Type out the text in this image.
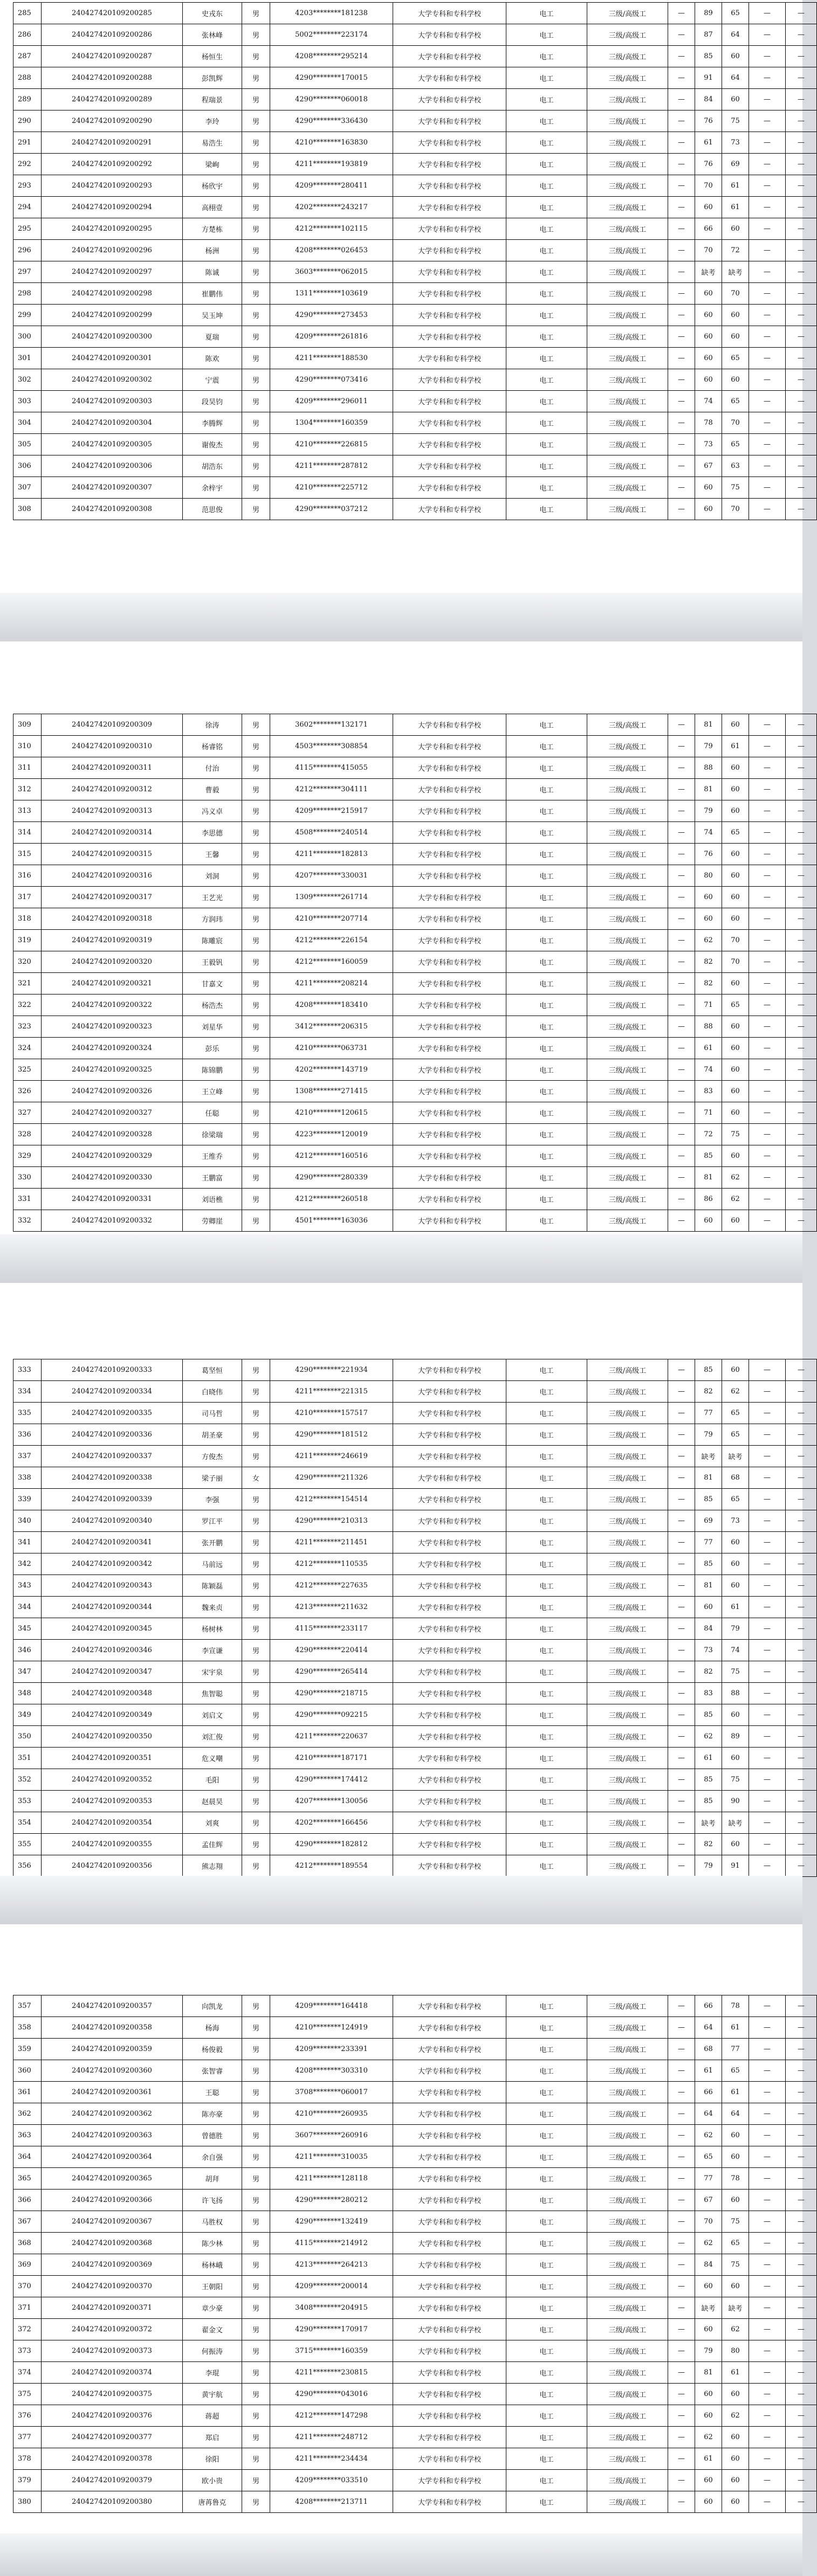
285	240427420109200285	史戎东	男	4203********181238	大学专科和专科学校	电工	三级/高级工	—	89	65	—	—
286	240427420109200286	张林峰	男	5002********223174	大学专科和专科学校	电工	三级/高级工	—	87	64	—	—
287	240427420109200287	杨恒生	男	4208********295214	大学专科和专科学校	电工	三级/高级工	—	85	60	—	—
288	240427420109200288	彭凯辉	男	4290********170015	大学专科和专科学校	电工	三级/高级工	—	91	64	—	—
289	240427420109200289	程瑞景	男	4290********060018	大学专科和专科学校	电工	三级/高级工	—	84	60	—	—
290	240427420109200290	李玲	男	4290********336430	大学专科和专科学校	电工	三级/高级工	—	76	75	—	—
291	240427420109200291	易浩生	男	4210********163830	大学专科和专科学校	电工	三级/高级工	—	61	73	—	—
292	240427420109200292	梁峋	男	4211********193819	大学专科和专科学校	电工	三级/高级工	—	76	69	—	—
293	240427420109200293	杨欣宇	男	4209********280411	大学专科和专科学校	电工	三级/高级工	—	70	61	—	—
294	240427420109200294	高栩壹	男	4202********243217	大学专科和专科学校	电工	三级/高级工	—	60	61	—	—
295	240427420109200295	方楚栋	男	4212********102115	大学专科和专科学校	电工	三级/高级工	—	66	60	—	—
296	240427420109200296	杨洲	男	4208********026453	大学专科和专科学校	电工	三级/高级工	—	70	72	—	—
297	240427420109200297	陈诚	男	3603********062015	大学专科和专科学校	电工	三级/高级工	—	缺考	缺考	—	—
298	240427420109200298	崔鹏伟	男	1311********103619	大学专科和专科学校	电工	三级/高级工	—	60	70	—	—
299	240427420109200299	吴玉坤	男	4290********273453	大学专科和专科学校	电工	三级/高级工	—	60	60	—	—
300	240427420109200300	夏瑞	男	4209********261816	大学专科和专科学校	电工	三级/高级工	—	60	60	—	—
301	240427420109200301	陈欢	男	4211********188530	大学专科和专科学校	电工	三级/高级工	—	60	65	—	—
302	240427420109200302	宁震	男	4290********073416	大学专科和专科学校	电工	三级/高级工	—	60	60	—	—
303	240427420109200303	段昊钧	男	4209********296011	大学专科和专科学校	电工	三级/高级工	—	74	65	—	—
304	240427420109200304	李腾辉	男	1304********160359	大学专科和专科学校	电工	三级/高级工	—	78	70	—	—
305	240427420109200305	谢俊杰	男	4210********226815	大学专科和专科学校	电工	三级/高级工	—	73	65	—	—
306	240427420109200306	胡浩东	男	4211********287812	大学专科和专科学校	电工	三级/高级工	—	67	63	—	—
307	240427420109200307	余梓宇	男	4210********225712	大学专科和专科学校	电工	三级/高级工	—	60	75	—	—
308	240427420109200308	范思俊	男	4290********037212	大学专科和专科学校	电工	三级/高级工	—	60	70	—	—
309	240427420109200309	徐涛	男	3602********132171	大学专科和专科学校	电工	三级/高级工	—	81	60	—	—
310	240427420109200310	杨睿铭	男	4503********308854	大学专科和专科学校	电工	三级/高级工	—	79	61	—	—
311	240427420109200311	付治	男	4115********415055	大学专科和专科学校	电工	三级/高级工	—	88	60	—	—
312	240427420109200312	曹毅	男	4212********304111	大学专科和专科学校	电工	三级/高级工	—	81	60	—	—
313	240427420109200313	冯义卓	男	4209********215917	大学专科和专科学校	电工	三级/高级工	—	79	60	—	—
314	240427420109200314	李思德	男	4508********240514	大学专科和专科学校	电工	三级/高级工	—	74	65	—	—
315	240427420109200315	王馨	男	4211********182813	大学专科和专科学校	电工	三级/高级工	—	76	60	—	—
316	240427420109200316	刘洞	男	4207********330031	大学专科和专科学校	电工	三级/高级工	—	80	60	—	—
317	240427420109200317	王艺光	男	1309********261714	大学专科和专科学校	电工	三级/高级工	—	60	60	—	—
318	240427420109200318	方润玮	男	4210********207714	大学专科和专科学校	电工	三级/高级工	—	60	60	—	—
319	240427420109200319	陈雕宸	男	4212********226154	大学专科和专科学校	电工	三级/高级工	—	62	70	—	—
320	240427420109200320	王毅钒	男	4212********160059	大学专科和专科学校	电工	三级/高级工	—	82	70	—	—
321	240427420109200321	甘嘉文	男	4211********208214	大学专科和专科学校	电工	三级/高级工	—	82	60	—	—
322	240427420109200322	杨浩杰	男	4208********183410	大学专科和专科学校	电工	三级/高级工	—	71	65	—	—
323	240427420109200323	刘星华	男	3412********206315	大学专科和专科学校	电工	三级/高级工	—	88	60	—	—
324	240427420109200324	彭乐	男	4210********063731	大学专科和专科学校	电工	三级/高级工	—	61	60	—	—
325	240427420109200325	陈锦鹏	男	4202********143719	大学专科和专科学校	电工	三级/高级工	—	74	60	—	—
326	240427420109200326	王立峰	男	1308********271415	大学专科和专科学校	电工	三级/高级工	—	83	60	—	—
327	240427420109200327	任聪	男	4210********120615	大学专科和专科学校	电工	三级/高级工	—	71	60	—	—
328	240427420109200328	徐梁瑞	男	4223********120019	大学专科和专科学校	电工	三级/高级工	—	72	75	—	—
329	240427420109200329	王维乔	男	4212********160516	大学专科和专科学校	电工	三级/高级工	—	85	60	—	—
330	240427420109200330	王鹏富	男	4290********280339	大学专科和专科学校	电工	三级/高级工	—	81	62	—	—
331	240427420109200331	刘语樵	男	4212********260518	大学专科和专科学校	电工	三级/高级工	—	86	62	—	—
332	240427420109200332	劳卿崖	男	4501********163036	大学专科和专科学校	电工	三级/高级工	—	60	60	—	—
333	240427420109200333	葛坚恒	男	4290********221934	大学专科和专科学校	电工	三级/高级工	—	85	60	—	—
334	240427420109200334	白晓伟	男	4211********221315	大学专科和专科学校	电工	三级/高级工	—	82	62	—	—
335	240427420109200335	司马哲	男	4210********157517	大学专科和专科学校	电工	三级/高级工	—	77	65	—	—
336	240427420109200336	胡圣豪	男	4290********181512	大学专科和专科学校	电工	三级/高级工	—	79	65	—	—
337	240427420109200337	方俊杰	男	4211********246619	大学专科和专科学校	电工	三级/高级工	—	缺考	缺考	—	—
338	240427420109200338	梁子丽	女	4290********211326	大学专科和专科学校	电工	三级/高级工	—	81	68	—	—
339	240427420109200339	李强	男	4212********154514	大学专科和专科学校	电工	三级/高级工	—	85	65	—	—
340	240427420109200340	罗江平	男	4290********210313	大学专科和专科学校	电工	三级/高级工	—	69	73	—	—
341	240427420109200341	张开鹏	男	4211********211451	大学专科和专科学校	电工	三级/高级工	—	77	60	—	—
342	240427420109200342	马前远	男	4212********110535	大学专科和专科学校	电工	三级/高级工	—	85	60	—	—
343	240427420109200343	陈颖磊	男	4212********227635	大学专科和专科学校	电工	三级/高级工	—	81	60	—	—
344	240427420109200344	魏来贞	男	4213********211632	大学专科和专科学校	电工	三级/高级工	—	60	61	—	—
345	240427420109200345	杨树林	男	4115********233117	大学专科和专科学校	电工	三级/高级工	—	84	79	—	—
346	240427420109200346	李宣谦	男	4290********220414	大学专科和专科学校	电工	三级/高级工	—	73	74	—	—
347	240427420109200347	宋宇泉	男	4290********265414	大学专科和专科学校	电工	三级/高级工	—	82	75	—	—
348	240427420109200348	焦智聪	男	4290********218715	大学专科和专科学校	电工	三级/高级工	—	83	88	—	—
349	240427420109200349	刘启文	男	4290********092215	大学专科和专科学校	电工	三级/高级工	—	85	60	—	—
350	240427420109200350	刘汇俊	男	4211********220637	大学专科和专科学校	电工	三级/高级工	—	62	89	—	—
351	240427420109200351	危义嘲	男	4210********187171	大学专科和专科学校	电工	三级/高级工	—	61	60	—	—
352	240427420109200352	毛阳	男	4290********174412	大学专科和专科学校	电工	三级/高级工	—	85	75	—	—
353	240427420109200353	赵晨昊	男	4207********130056	大学专科和专科学校	电工	三级/高级工	—	85	90	—	—
354	240427420109200354	刘爽	男	4202********166456	大学专科和专科学校	电工	三级/高级工	—	缺考	缺考	—	—
355	240427420109200355	孟佳辉	男	4290********182812	大学专科和专科学校	电工	三级/高级工	—	82	60	—	—
356	240427420109200356	熊志翔	男	4212********189554	大学专科和专科学校	电工	三级/高级工	—	79	91	—	—
357	240427420109200357	向凯龙	男	4209********164418	大学专科和专科学校	电工	三级/高级工	—	66	78	—	—
358	240427420109200358	杨海	男	4210********124919	大学专科和专科学校	电工	三级/高级工	—	64	61	—	—
359	240427420109200359	杨俊毅	男	4209********233391	大学专科和专科学校	电工	三级/高级工	—	68	77	—	—
360	240427420109200360	张智睿	男	4208********303310	大学专科和专科学校	电工	三级/高级工	—	61	65	—	—
361	240427420109200361	王聪	男	3708********060017	大学专科和专科学校	电工	三级/高级工	—	66	61	—	—
362	240427420109200362	陈亦豪	男	4210********260935	大学专科和专科学校	电工	三级/高级工	—	64	64	—	—
363	240427420109200363	曾德胜	男	3607********260916	大学专科和专科学校	电工	三级/高级工	—	62	60	—	—
364	240427420109200364	余自强	男	4211********310035	大学专科和专科学校	电工	三级/高级工	—	65	60	—	—
365	240427420109200365	胡拜	男	4211********128118	大学专科和专科学校	电工	三级/高级工	—	77	78	—	—
366	240427420109200366	许飞扬	男	4290********280212	大学专科和专科学校	电工	三级/高级工	—	67	60	—	—
367	240427420109200367	马胜权	男	4290********132419	大学专科和专科学校	电工	三级/高级工	—	70	75	—	—
368	240427420109200368	陈少林	男	4115********214912	大学专科和专科学校	电工	三级/高级工	—	62	65	—	—
369	240427420109200369	杨林峨	男	4213********264213	大学专科和专科学校	电工	三级/高级工	—	84	75	—	—
370	240427420109200370	王朝阳	男	4209********200014	大学专科和专科学校	电工	三级/高级工	—	60	60	—	—
371	240427420109200371	章少豪	男	3408********204915	大学专科和专科学校	电工	三级/高级工	—	缺考	缺考	—	—
372	240427420109200372	翟金文	男	4290********170917	大学专科和专科学校	电工	三级/高级工	—	60	62	—	—
373	240427420109200373	何振涛	男	3715********160359	大学专科和专科学校	电工	三级/高级工	—	79	80	—	—
374	240427420109200374	李琨	男	4211********230815	大学专科和专科学校	电工	三级/高级工	—	81	61	—	—
375	240427420109200375	黄宇航	男	4290********043016	大学专科和专科学校	电工	三级/高级工	—	60	60	—	—
376	240427420109200376	蒋超	男	4212********147298	大学专科和专科学校	电工	三级/高级工	—	60	62	—	—
377	240427420109200377	郑启	男	4211********248712	大学专科和专科学校	电工	三级/高级工	—	62	60	—	—
378	240427420109200378	徐阳	男	4211********234434	大学专科和专科学校	电工	三级/高级工	—	61	60	—	—
379	240427420109200379	欧小贵	男	4209********033510	大学专科和专科学校	电工	三级/高级工	—	60	60	—	—
380	240427420109200380	唐苒鲁克	男	4208********213711	大学专科和专科学校	电工	三级/高级工	—	60	60	—	—
